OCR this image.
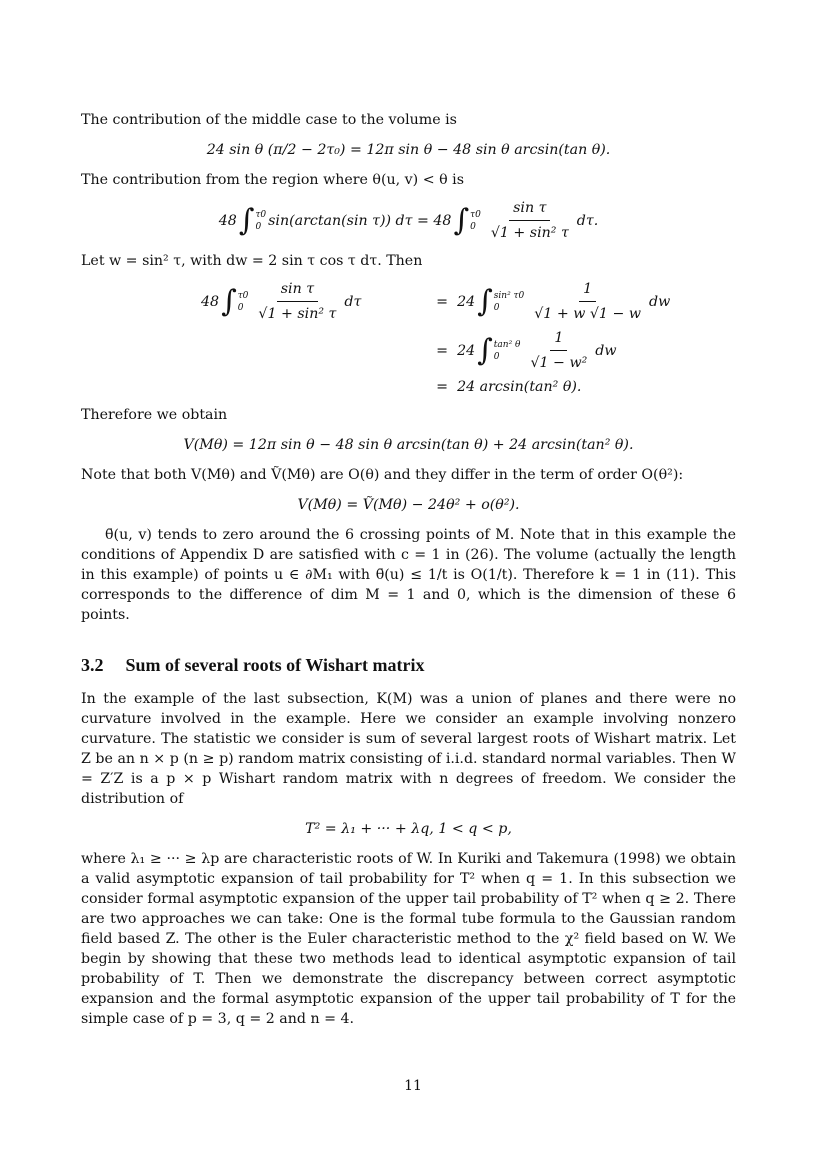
The contribution of the middle case to the volume is

24 sin θ (π/2 − 2τ₀) = 12π sin θ − 48 sin θ arcsin(tan θ).

The contribution from the region where θ(u, v) < θ is

48 ∫ τ0
0 sin(arctan(sin τ)) dτ = 48 ∫ τ0
$0 \frac{\text{sin τ}}{\text{√1 + sin² τ}} d\tau$.

Let w = sin² τ, with dw = 2 sin τ cos τ dτ. Then

48 ∫ τ0
$0 \frac{\text{sin τ}}{\text{√1 + sin² τ}}$ dτ	= 24 ∫ sin² τ0
0	$\frac{1}{√1 + w √1 - w}$ dw
= 24 ∫ tan² θ
0	$\frac{1}{\text{√1 − w²}}$ dw
= 24 arcsin(tan² θ).

Therefore we obtain

V(Mθ) = 12π sin θ − 48 sin θ arcsin(tan θ) + 24 arcsin(tan² θ).

Note that both V(Mθ) and Ṽ(Mθ) are O(θ) and they differ in the term of order O(θ²):

V(Mθ) = Ṽ(Mθ) − 24θ² + o(θ²).

θ̄(u, v) tends to zero around the 6 crossing points of M. Note that in this example the conditions of Appendix D are satisfied with c = 1 in (26). The volume (actually the length in this example) of points u ∈ ∂M₁ with θ̄(u) ≤ 1/t is O(1/t). Therefore k = 1 in (11). This corresponds to the difference of dim M = 1 and 0, which is the dimension of these 6 points.

3.2 Sum of several roots of Wishart matrix

In the example of the last subsection, K(M) was a union of planes and there were no curvature involved in the example. Here we consider an example involving nonzero curvature. The statistic we consider is sum of several largest roots of Wishart matrix. Let Z be an n × p (n ≥ p) random matrix consisting of i.i.d. standard normal variables. Then W = Z′Z is a p × p Wishart random matrix with n degrees of freedom. We consider the distribution of

T² = λ₁ + ··· + λq, 1 < q < p,

where λ₁ ≥ ··· ≥ λp are characteristic roots of W. In Kuriki and Takemura (1998) we obtain a valid asymptotic expansion of tail probability for T² when q = 1. In this subsection we consider formal asymptotic expansion of the upper tail probability of T² when q ≥ 2. There are two approaches we can take: One is the formal tube formula to the Gaussian random field based Z. The other is the Euler characteristic method to the χ² field based on W. We begin by showing that these two methods lead to identical asymptotic expansion of tail probability of T. Then we demonstrate the discrepancy between correct asymptotic expansion and the formal asymptotic expansion of the upper tail probability of T for the simple case of p = 3, q = 2 and n = 4.

11
